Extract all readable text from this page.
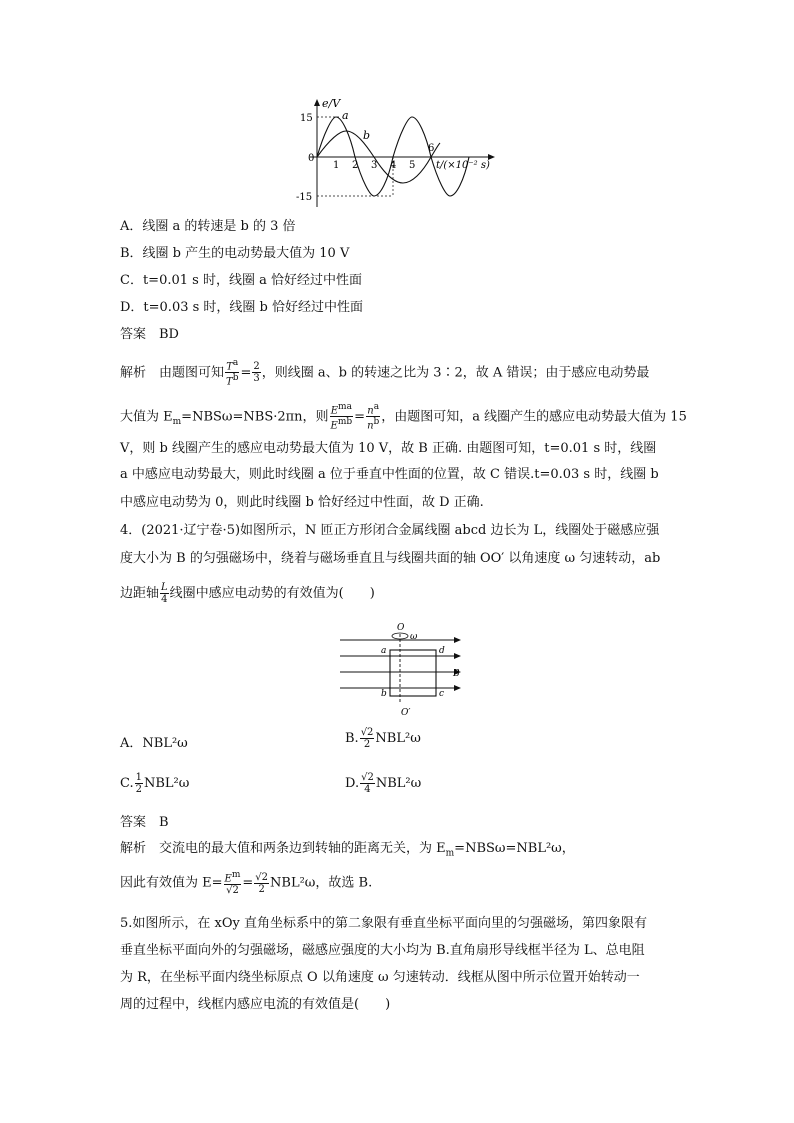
e/V
15
-15
0
a
b
1 2 3 4 5
6
t/(×10⁻² s)
A．线圈 a 的转速是 b 的 3 倍
B．线圈 b 产生的电动势最大值为 10 V
C．t=0.01 s 时，线圈 a 恰好经过中性面
D．t=0.03 s 时，线圈 b 恰好经过中性面
答案　BD
解析　由题图可知 $\frac{Ta}{Tb} = \frac{2}{3}$ ，则线圈 a、b 的转速之比为 3∶2，故 A 错误；由于感应电动势最
大值为 $E_m=NBS\omega=NBS\cdot 2\pi n$，则 $\frac{\text{Ema}}{\text{Emb}} = \frac{na}{nb}$ ，由题图可知，a 线圈产生的感应电动势最大值为 15
V，则 b 线圈产生的感应电动势最大值为 10 V，故 B 正确. 由题图可知，t=0.01 s 时，线圈
a 中感应电动势最大，则此时线圈 a 位于垂直中性面的位置，故 C 错误.t=0.03 s 时，线圈 b
中感应电动势为 0，则此时线圈 b 恰好经过中性面，故 D 正确.
4．(2021·辽宁卷·5)如图所示，N 匝正方形闭合金属线圈 abcd 边长为 L，线圈处于磁感应强
度大小为 B 的匀强磁场中，绕着与磁场垂直且与线圈共面的轴 OO′ 以角速度 ω 匀速转动，ab
边距轴 $\frac{L}{4}$ 线圈中感应电动势的有效值为(　　)
O
ω
a	d
b	c
B
O′
A．NBL²ω	B. $\frac{√2}{2} NBL^2\omega$
C. $\frac{1}{2} NBL^2\omega$	D. $\frac{√2}{4} NBL^2\omega$
答案　B
解析　交流电的最大值和两条边到转轴的距离无关，为 $E_m=NBS\omega=NBL^2\omega$，
因此有效值为 $E= \frac{Em}{√2} = \frac{√2}{2} NBL^2\omega$，故选 B.
5.如图所示，在 xOy 直角坐标系中的第二象限有垂直坐标平面向里的匀强磁场，第四象限有
垂直坐标平面向外的匀强磁场，磁感应强度的大小均为 B.直角扇形导线框半径为 L、总电阻
为 R，在坐标平面内绕坐标原点 O 以角速度 ω 匀速转动．线框从图中所示位置开始转动一
周的过程中，线框内感应电流的有效值是(　　)
